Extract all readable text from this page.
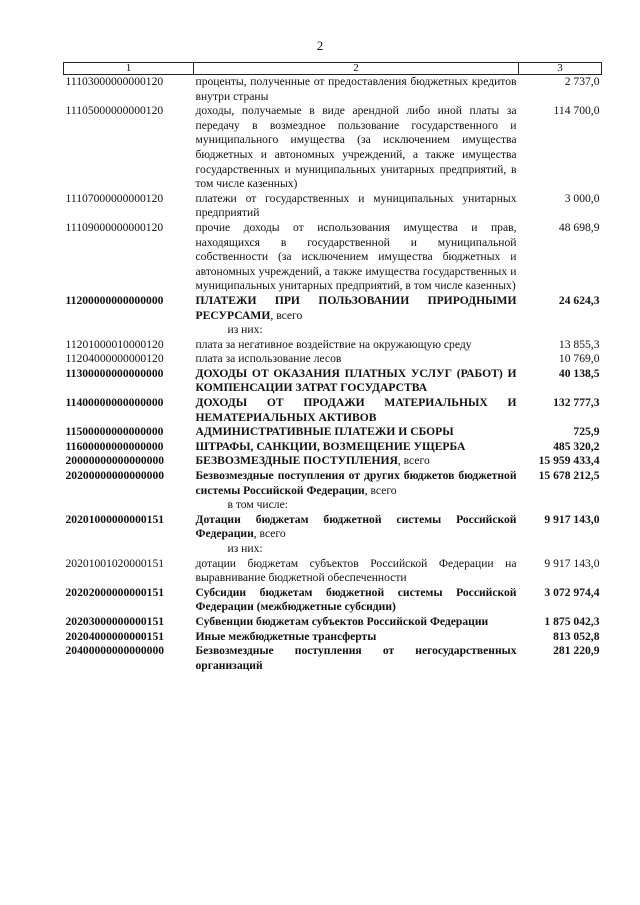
2
1	2	3
11103000000000120	проценты, полученные от предоставления бюджетных кредитов внутри страны	2 737,0
11105000000000120	доходы, получаемые в виде арендной либо иной платы за передачу в возмездное пользование государственного и муниципального имущества (за исключением имущества бюджетных и автономных учреждений, а также имущества государственных и муниципальных унитарных предприятий, в том числе казенных)	114 700,0
11107000000000120	платежи от государственных и муниципальных унитарных предприятий	3 000,0
11109000000000120	прочие доходы от использования имущества и прав, находящихся в государственной и муниципальной собственности (за исключением имущества бюджетных и автономных учреждений, а также имущества государственных и муниципальных унитарных предприятий, в том числе казенных)	48 698,9
11200000000000000	ПЛАТЕЖИ ПРИ ПОЛЬЗОВАНИИ ПРИРОДНЫМИ РЕСУРСАМИ, всего	24 624,3
	из них:	
11201000010000120	плата за негативное воздействие на окружающую среду	13 855,3
11204000000000120	плата за использование лесов	10 769,0
11300000000000000	ДОХОДЫ ОТ ОКАЗАНИЯ ПЛАТНЫХ УСЛУГ (РАБОТ) И КОМПЕНСАЦИИ ЗАТРАТ ГОСУДАРСТВА	40 138,5
11400000000000000	ДОХОДЫ ОТ ПРОДАЖИ МАТЕРИАЛЬНЫХ И НЕМАТЕРИАЛЬНЫХ АКТИВОВ	132 777,3
11500000000000000	АДМИНИСТРАТИВНЫЕ ПЛАТЕЖИ И СБОРЫ	725,9
11600000000000000	ШТРАФЫ, САНКЦИИ, ВОЗМЕЩЕНИЕ УЩЕРБА	485 320,2
20000000000000000	БЕЗВОЗМЕЗДНЫЕ ПОСТУПЛЕНИЯ, всего	15 959 433,4
20200000000000000	Безвозмездные поступления от других бюджетов бюджетной системы Российской Федерации, всего	15 678 212,5
	в том числе:	
20201000000000151	Дотации бюджетам бюджетной системы Российской Федерации, всего	9 917 143,0
	из них:	
20201001020000151	дотации бюджетам субъектов Российской Федерации на выравнивание бюджетной обеспеченности	9 917 143,0
20202000000000151	Субсидии бюджетам бюджетной системы Российской Федерации (межбюджетные субсидии)	3 072 974,4
20203000000000151	Субвенции бюджетам субъектов Российской Федерации	1 875 042,3
20204000000000151	Иные межбюджетные трансферты	813 052,8
20400000000000000	Безвозмездные поступления от негосударственных организаций	281 220,9
